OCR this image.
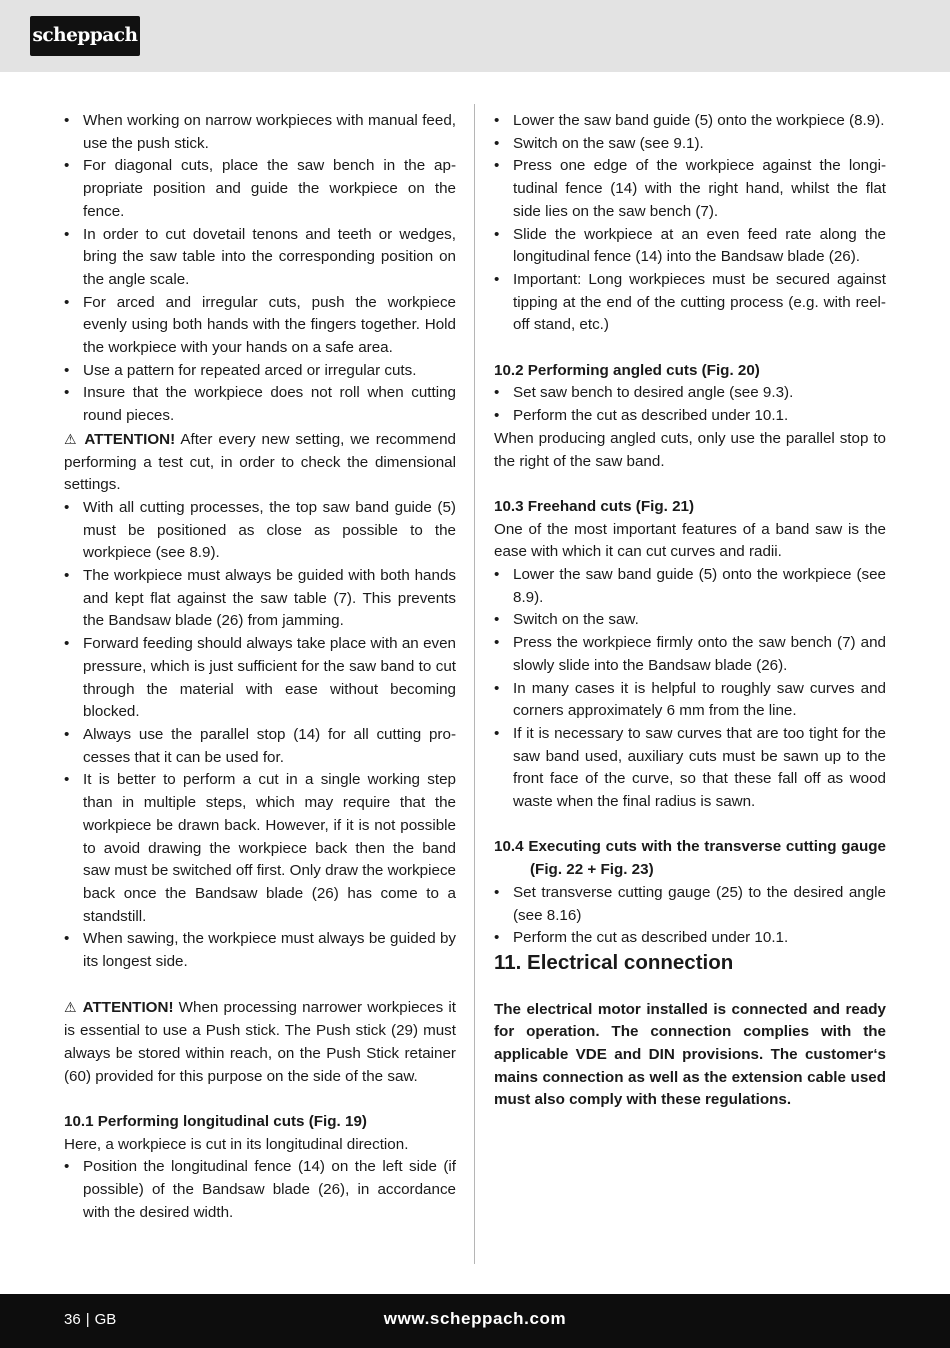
scheppach
• When working on narrow workpieces with manual feed, use the push stick.
• For diagonal cuts, place the saw bench in the appropriate position and guide the workpiece on the fence.
• In order to cut dovetail tenons and teeth or wedges, bring the saw table into the corresponding position on the angle scale.
• For arced and irregular cuts, push the workpiece evenly using both hands with the fingers together. Hold the workpiece with your hands on a safe area.
• Use a pattern for repeated arced or irregular cuts.
• Insure that the workpiece does not roll when cutting round pieces.

⚠ ATTENTION! After every new setting, we recommend performing a test cut, in order to check the dimensional settings.

• With all cutting processes, the top saw band guide (5) must be positioned as close as possible to the workpiece (see 8.9).
• The workpiece must always be guided with both hands and kept flat against the saw table (7). This prevents the Bandsaw blade (26) from jamming.
• Forward feeding should always take place with an even pressure, which is just sufficient for the saw band to cut through the material with ease without becoming blocked.
• Always use the parallel stop (14) for all cutting processes that it can be used for.
• It is better to perform a cut in a single working step than in multiple steps, which may require that the workpiece be drawn back. However, if it is not possible to avoid drawing the workpiece back then the band saw must be switched off first. Only draw the workpiece back once the Bandsaw blade (26) has come to a standstill.
• When sawing, the workpiece must always be guided by its longest side.

⚠ ATTENTION! When processing narrower workpieces it is essential to use a Push stick. The Push stick (29) must always be stored within reach, on the Push Stick retainer (60) provided for this purpose on the side of the saw.

10.1 Performing longitudinal cuts (Fig. 19)

Here, a workpiece is cut in its longitudinal direction.

• Position the longitudinal fence (14) on the left side (if possible) of the Bandsaw blade (26), in accordance with the desired width.
• Lower the saw band guide (5) onto the workpiece (8.9).
• Switch on the saw (see 9.1).
• Press one edge of the workpiece against the longitudinal fence (14) with the right hand, whilst the flat side lies on the saw bench (7).
• Slide the workpiece at an even feed rate along the longitudinal fence (14) into the Bandsaw blade (26).
• Important: Long workpieces must be secured against tipping at the end of the cutting process (e.g. with reel-off stand, etc.)

10.2 Performing angled cuts (Fig. 20)

• Set saw bench to desired angle (see 9.3).
• Perform the cut as described under 10.1.

When producing angled cuts, only use the parallel stop to the right of the saw band.

10.3 Freehand cuts (Fig. 21)

One of the most important features of a band saw is the ease with which it can cut curves and radii.

• Lower the saw band guide (5) onto the workpiece (see 8.9).
• Switch on the saw.
• Press the workpiece firmly onto the saw bench (7) and slowly slide into the Bandsaw blade (26).
• In many cases it is helpful to roughly saw curves and corners approximately 6 mm from the line.
• If it is necessary to saw curves that are too tight for the saw band used, auxiliary cuts must be sawn up to the front face of the curve, so that these fall off as wood waste when the final radius is sawn.

10.4 Executing cuts with the transverse cutting gauge (Fig. 22 + Fig. 23)

• Set transverse cutting gauge (25) to the desired angle (see 8.16)
• Perform the cut as described under 10.1.

11. Electrical connection

The electrical motor installed is connected and ready for operation. The connection complies with the applicable VDE and DIN provisions. The customer‘s mains connection as well as the extension cable used must also comply with these regulations.

36 | GB	www.scheppach.com
